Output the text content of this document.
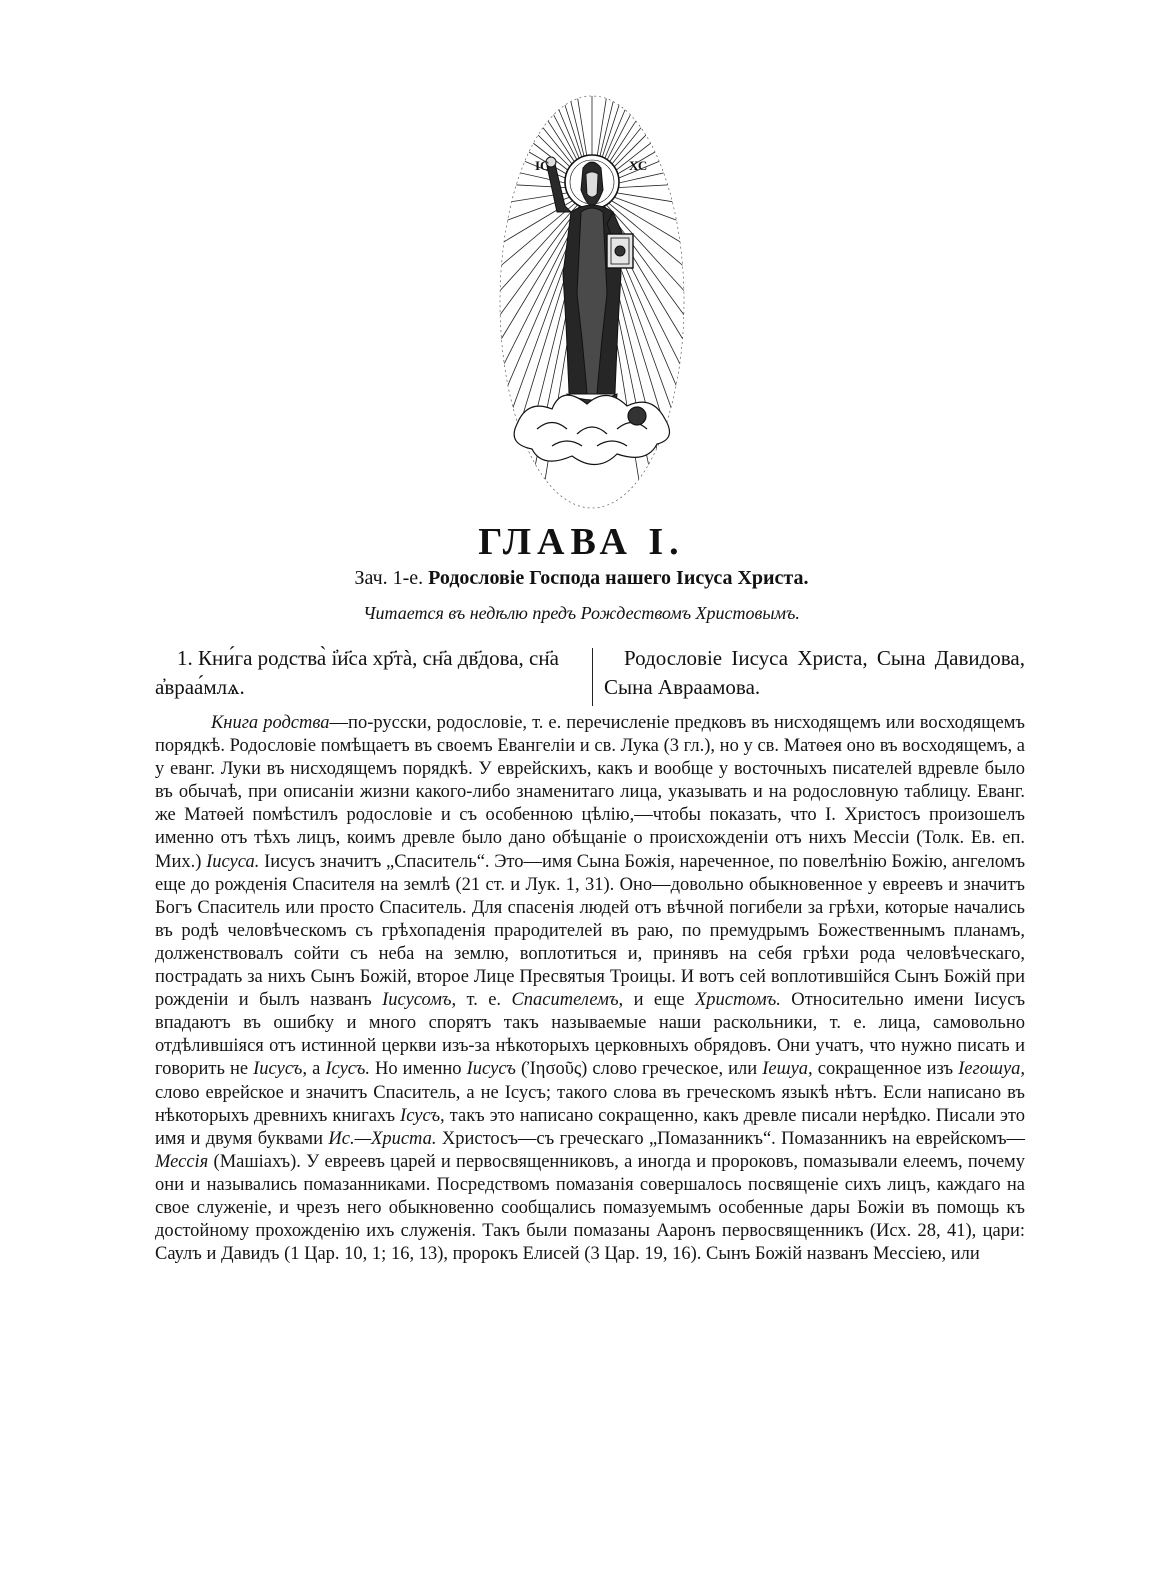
ІС	ХС
ГЛАВА I.
Зач. 1-е. Родословіе Господа нашего Іисуса Христа.
Читается въ недѣлю предъ Рождествомъ Христовымъ.
1. Кни́га родства̀ і҆и҃са хр҃тà, сн҃а дв҃дова, сн҃а а҆враа́млѧ.
Родословіе Іисуса Христа, Сына Давидова, Сына Авраамова.
Книга родства—по-русски, родословіе, т. е. перечисленіе предковъ въ нисходящемъ или восходящемъ порядкѣ. Родословіе помѣщаетъ въ своемъ Евангеліи и св. Лука (3 гл.), но у св. Матѳея оно въ восходящемъ, а у еванг. Луки въ нисходящемъ порядкѣ. У еврейскихъ, какъ и вообще у восточныхъ писателей вдревле было въ обычаѣ, при описаніи жизни какого-либо знаменитаго лица, указывать и на родословную таблицу. Еванг. же Матѳей помѣстилъ родословіе и съ особенною цѣлію,—чтобы показать, что І. Христосъ произошелъ именно отъ тѣхъ лицъ, коимъ древле было дано обѣщаніе о происхожденіи отъ нихъ Мессіи (Толк. Ев. еп. Мих.) Іисуса. Іисусъ значитъ „Спаситель“. Это—имя Сына Божія, нареченное, по повелѣнію Божію, ангеломъ еще до рожденія Спасителя на землѣ (21 ст. и Лук. 1, 31). Оно—довольно обыкновенное у евреевъ и значитъ Богъ Спаситель или просто Спаситель. Для спасенія людей отъ вѣчной погибели за грѣхи, которые начались въ родѣ человѣческомъ съ грѣхопаденія прародителей въ раю, по премудрымъ Божественнымъ планамъ, долженствовалъ сойти съ неба на землю, воплотиться и, принявъ на себя грѣхи рода человѣческаго, пострадать за нихъ Сынъ Божій, второе Лице Пресвятыя Троицы. И вотъ сей воплотившійся Сынъ Божій при рожденіи и былъ названъ Іисусомъ, т. е. Спасителемъ, и еще Христомъ. Относительно имени Іисусъ впадаютъ въ ошибку и много спорятъ такъ называемые наши раскольники, т. е. лица, самовольно отдѣлившіяся отъ истинной церкви изъ-за нѣкоторыхъ церковныхъ обрядовъ. Они учатъ, что нужно писать и говорить не Іисусъ, а Ісусъ. Но именно Іисусъ (Ἰησοῦς) слово греческое, или Іешуа, сокращенное изъ Іегошуа, слово еврейское и значитъ Спаситель, а не Ісусъ; такого слова въ греческомъ языкѣ нѣтъ. Если написано въ нѣкоторыхъ древнихъ книгахъ Ісусъ, такъ это написано сокращенно, какъ древле писали нерѣдко. Писали это имя и двумя буквами Ис.—Христа. Христосъ—съ греческаго „Помазанникъ“. Помазанникъ на еврейскомъ—Мессія (Машіахъ). У евреевъ царей и первосвященниковъ, а иногда и пророковъ, помазывали елеемъ, почему они и назывались помазанниками. Посредствомъ помазанія совершалось посвященіе сихъ лицъ, каждаго на свое служеніе, и чрезъ него обыкновенно сообщались помазуемымъ особенные дары Божіи въ помощь къ достойному прохожденію ихъ служенія. Такъ были помазаны Ааронъ первосвященникъ (Исх. 28, 41), цари: Саулъ и Давидъ (1 Цар. 10, 1; 16, 13), пророкъ Елисей (3 Цар. 19, 16). Сынъ Божій названъ Мессіею, или
